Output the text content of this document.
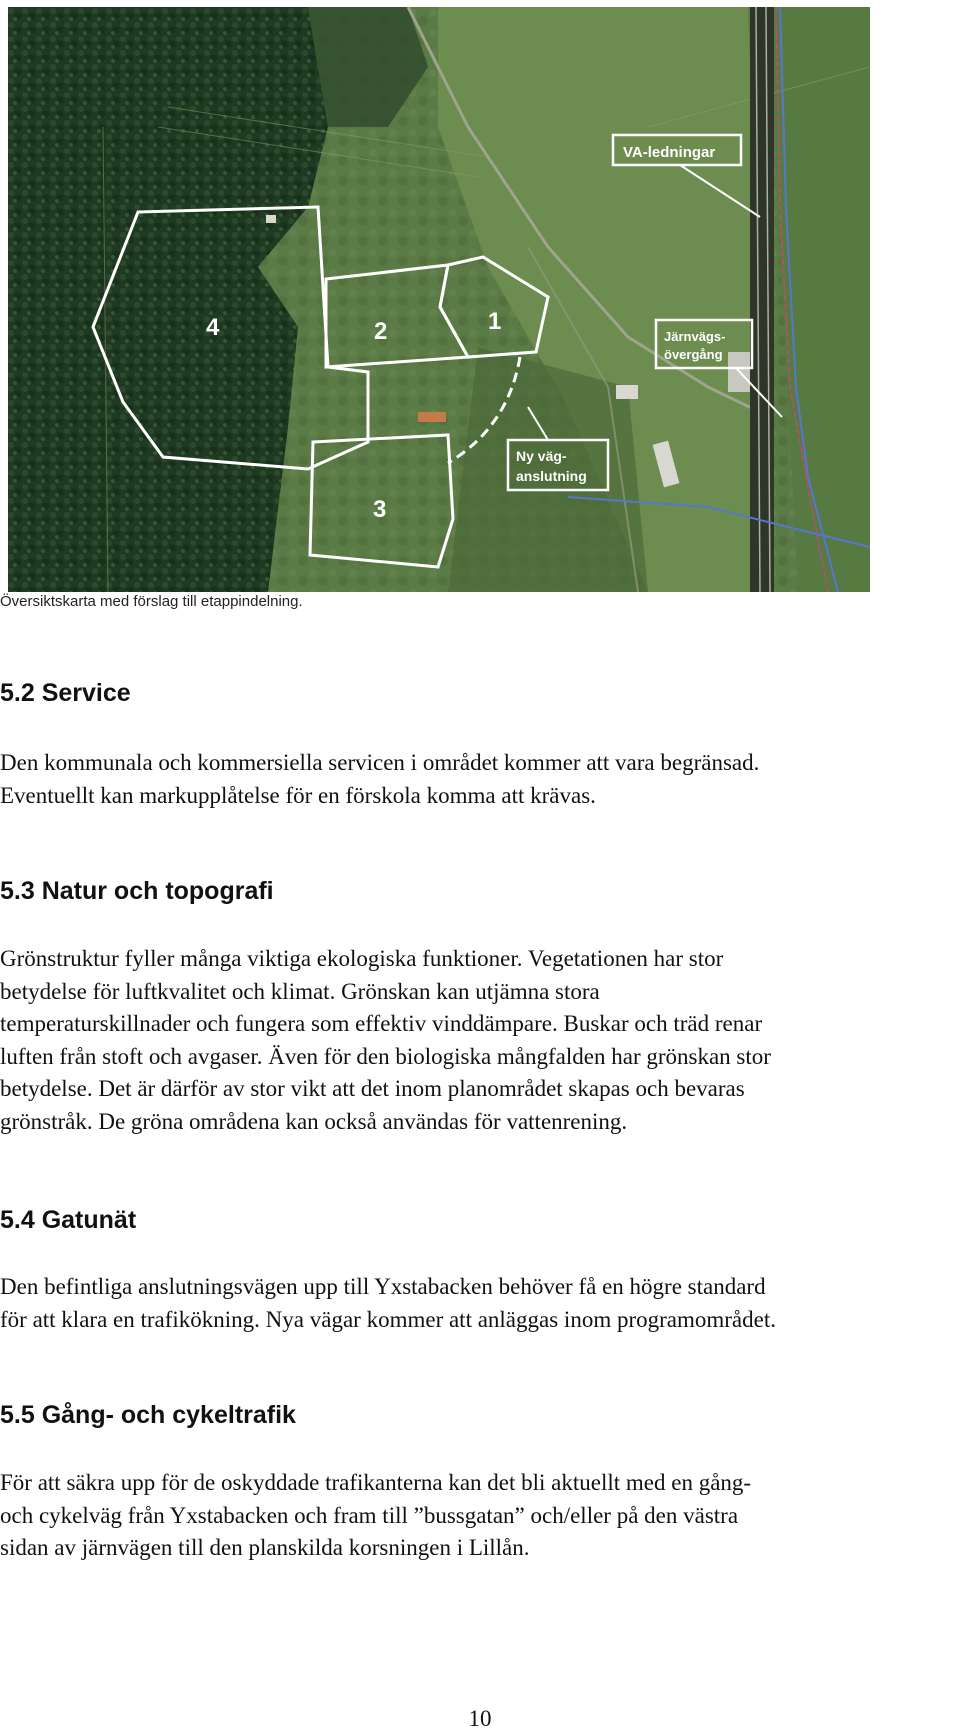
4	2	1
3
VA-ledningar
Järnvägs-
övergång
Ny väg-
anslutning

Översiktskarta med förslag till etappindelning.

5.2 Service
Den kommunala och kommersiella servicen i området kommer att vara begränsad.
Eventuellt kan markupplåtelse för en förskola komma att krävas.
5.3 Natur och topografi
Grönstruktur fyller många viktiga ekologiska funktioner. Vegetationen har stor
betydelse för luftkvalitet och klimat. Grönskan kan utjämna stora
temperaturskillnader och fungera som effektiv vinddämpare. Buskar och träd renar
luften från stoft och avgaser. Även för den biologiska mångfalden har grönskan stor
betydelse. Det är därför av stor vikt att det inom planområdet skapas och bevaras
grönstråk. De gröna områdena kan också användas för vattenrening.
5.4 Gatunät
Den befintliga anslutningsvägen upp till Yxstabacken behöver få en högre standard
för att klara en trafikökning. Nya vägar kommer att anläggas inom programområdet.
5.5 Gång- och cykeltrafik
För att säkra upp för de oskyddade trafikanterna kan det bli aktuellt med en gång-
och cykelväg från Yxstabacken och fram till ”bussgatan” och/eller på den västra
sidan av järnvägen till den planskilda korsningen i Lillån.

10
